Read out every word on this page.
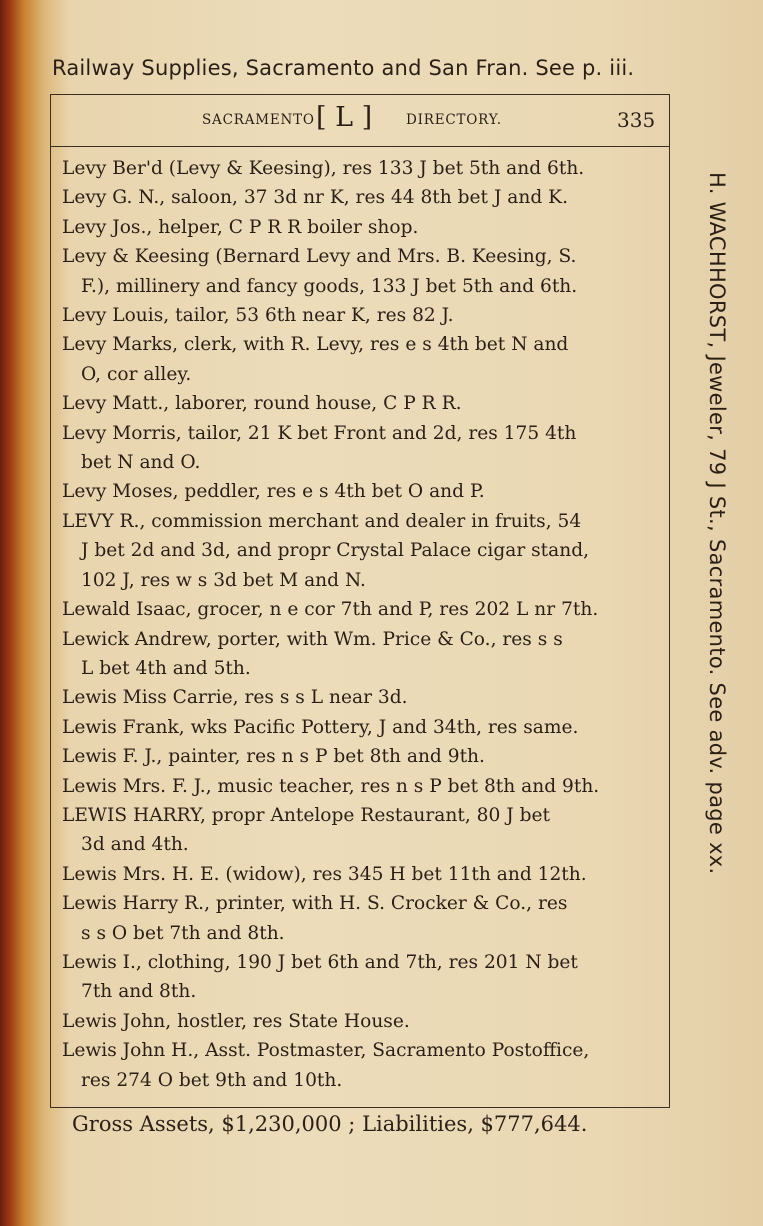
Railway Supplies, Sacramento and San Fran. See p. iii.
SACRAMENTO [ L ]	DIRECTORY.	335
Levy Ber'd (Levy & Keesing), res 133 J bet 5th and 6th.
Levy G. N., saloon, 37 3d nr K, res 44 8th bet J and K.
Levy Jos., helper, C P R R boiler shop.
Levy & Keesing (Bernard Levy and Mrs. B. Keesing, S.
F.), millinery and fancy goods, 133 J bet 5th and 6th.
Levy Louis, tailor, 53 6th near K, res 82 J.
Levy Marks, clerk, with R. Levy, res e s 4th bet N and
O, cor alley.
Levy Matt., laborer, round house, C P R R.
Levy Morris, tailor, 21 K bet Front and 2d, res 175 4th
bet N and O.
Levy Moses, peddler, res e s 4th bet O and P.
LEVY R., commission merchant and dealer in fruits, 54
J bet 2d and 3d, and propr Crystal Palace cigar stand,
102 J, res w s 3d bet M and N.
Lewald Isaac, grocer, n e cor 7th and P, res 202 L nr 7th.
Lewick Andrew, porter, with Wm. Price & Co., res s s
L bet 4th and 5th.
Lewis Miss Carrie, res s s L near 3d.
Lewis Frank, wks Pacific Pottery, J and 34th, res same.
Lewis F. J., painter, res n s P bet 8th and 9th.
Lewis Mrs. F. J., music teacher, res n s P bet 8th and 9th.
LEWIS HARRY, propr Antelope Restaurant, 80 J bet
3d and 4th.
Lewis Mrs. H. E. (widow), res 345 H bet 11th and 12th.
Lewis Harry R., printer, with H. S. Crocker & Co., res
s s O bet 7th and 8th.
Lewis I., clothing, 190 J bet 6th and 7th, res 201 N bet
7th and 8th.
Lewis John, hostler, res State House.
Lewis John H., Asst. Postmaster, Sacramento Postoffice,
res 274 O bet 9th and 10th.
H. WACHHORST, Jeweler, 79 J St., Sacramento. See adv. page xx.
Gross Assets, $1,230,000 ; Liabilities, $777,644.
